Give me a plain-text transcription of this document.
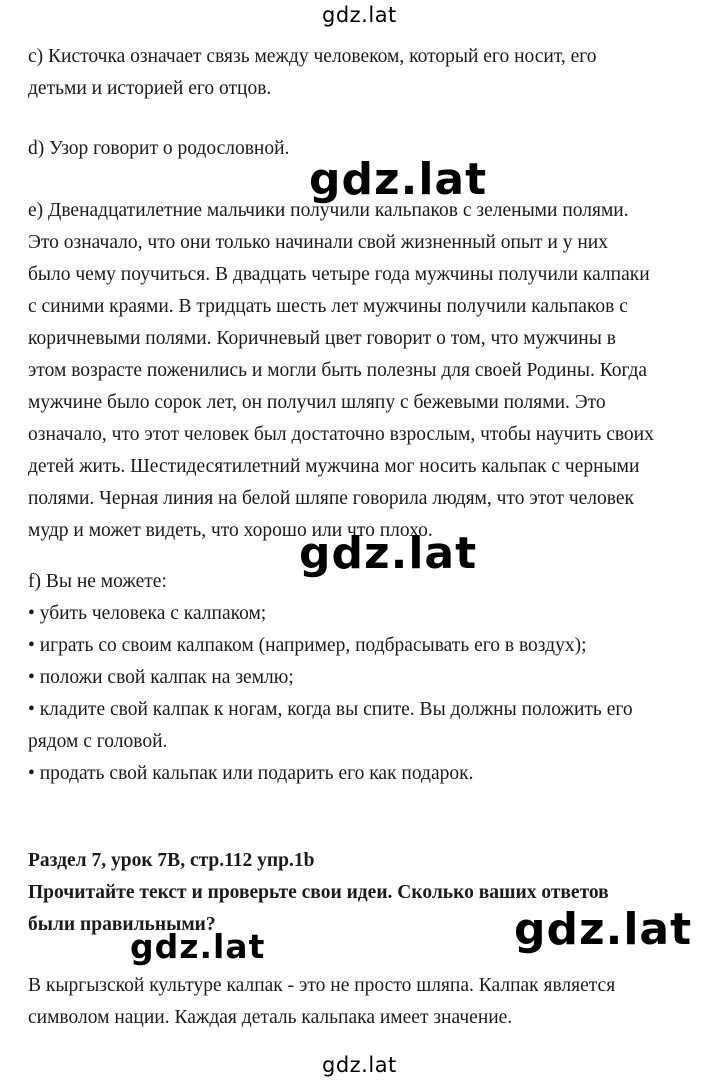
gdz.lat
c) Кисточка означает связь между человеком, который его носит, его
детьми и историей его отцов.
d) Узор говорит о родословной.
e) Двенадцатилетние мальчики получили кальпаков с зелеными полями.
Это означало, что они только начинали свой жизненный опыт и у них
было чему поучиться. В двадцать четыре года мужчины получили калпаки
с синими краями. В тридцать шесть лет мужчины получили кальпаков с
коричневыми полями. Коричневый цвет говорит о том, что мужчины в
этом возрасте поженились и могли быть полезны для своей Родины. Когда
мужчине было сорок лет, он получил шляпу с бежевыми полями. Это
означало, что этот человек был достаточно взрослым, чтобы научить своих
детей жить. Шестидесятилетний мужчина мог носить кальпак с черными
полями. Черная линия на белой шляпе говорила людям, что этот человек
мудр и может видеть, что хорошо или что плохо.
gdz.lat
gdz.lat
f) Вы не можете:
• убить человека с калпаком;
• играть со своим калпаком (например, подбрасывать его в воздух);
• положи свой калпак на землю;
• кладите свой калпак к ногам, когда вы спите. Вы должны положить его
рядом с головой.
• продать свой кальпак или подарить его как подарок.
Раздел 7, урок 7B, стр.112 упр.1b
Прочитайте текст и проверьте свои идеи. Сколько ваших ответов
были правильными?
gdz.lat	gdz.lat
В кыргызской культуре калпак - это не просто шляпа. Калпак является
символом нации. Каждая деталь кальпака имеет значение.
gdz.lat
